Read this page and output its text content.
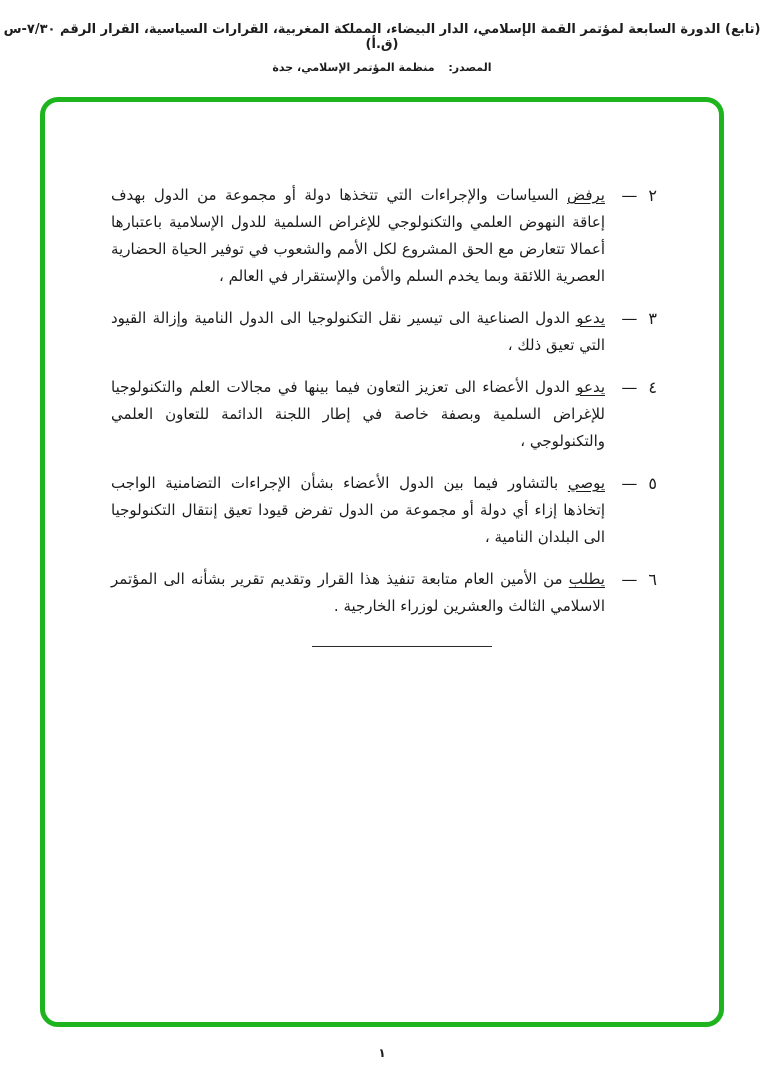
(تابع) الدورة السابعة لمؤتمر القمة الإسلامي، الدار البيضاء، المملكة المغربية، القرارات السياسية، القرار الرقم ٧/٣٠-س (ق.أ)
المصدر: منظمة المؤتمر الإسلامي، جدة
٢ —

يرفض السياسات والإجراءات التي تتخذها دولة أو مجموعة من الدول بهدف إعاقة النهوض العلمي والتكنولوجي للإغراض السلمية للدول الإسلامية باعتبارها أعمالا تتعارض مع الحق المشروع لكل الأمم والشعوب في توفير الحياة الحضارية العصرية اللائقة وبما يخدم السلم والأمن والإستقرار في العالم ،

٣ —

يدعو الدول الصناعية الى تيسير نقل التكنولوجيا الى الدول النامية وإزالة القيود التي تعيق ذلك ،

٤ —

يدعو الدول الأعضاء الى تعزيز التعاون فيما بينها في مجالات العلم والتكنولوجيا للإغراض السلمية وبصفة خاصة في إطار اللجنة الدائمة للتعاون العلمي والتكنولوجي ،

٥ —

يوصي بالتشاور فيما بين الدول الأعضاء بشأن الإجراءات التضامنية الواجب إتخاذها إزاء أي دولة أو مجموعة من الدول تفرض قيودا تعيق إنتقال التكنولوجيا الى البلدان النامية ،

٦ —

يطلب من الأمين العام متابعة تنفيذ هذا القرار وتقديم تقرير بشأنه الى المؤتمر الاسلامي الثالث والعشرين لوزراء الخارجية .

١
